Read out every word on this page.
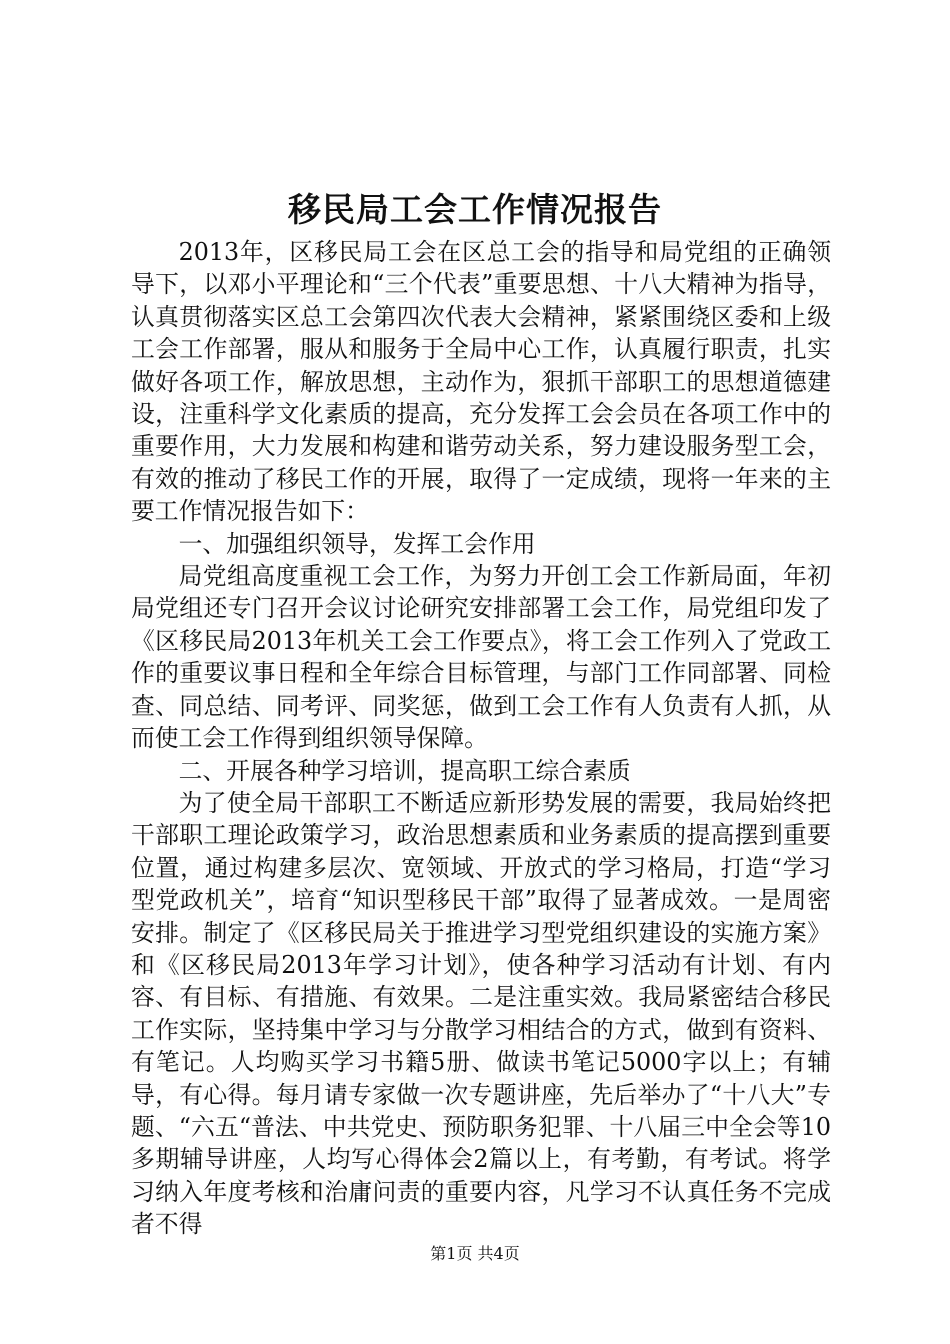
移民局工会工作情况报告

2013年，区移民局工会在区总工会的指导和局党组的正确领导下，以邓小平理论和“三个代表”重要思想、十八大精神为指导，认真贯彻落实区总工会第四次代表大会精神，紧紧围绕区委和上级工会工作部署，服从和服务于全局中心工作，认真履行职责，扎实做好各项工作，解放思想，主动作为，狠抓干部职工的思想道德建设，注重科学文化素质的提高，充分发挥工会会员在各项工作中的重要作用，大力发展和构建和谐劳动关系，努力建设服务型工会，有效的推动了移民工作的开展，取得了一定成绩，现将一年来的主要工作情况报告如下：

一、加强组织领导，发挥工会作用

局党组高度重视工会工作，为努力开创工会工作新局面，年初局党组还专门召开会议讨论研究安排部署工会工作，局党组印发了《区移民局2013年机关工会工作要点》，将工会工作列入了党政工作的重要议事日程和全年综合目标管理，与部门工作同部署、同检查、同总结、同考评、同奖惩，做到工会工作有人负责有人抓，从而使工会工作得到组织领导保障。

二、开展各种学习培训，提高职工综合素质

为了使全局干部职工不断适应新形势发展的需要，我局始终把干部职工理论政策学习，政治思想素质和业务素质的提高摆到重要位置，通过构建多层次、宽领域、开放式的学习格局，打造“学习型党政机关”，培育“知识型移民干部”取得了显著成效。一是周密安排。制定了《区移民局关于推进学习型党组织建设的实施方案》和《区移民局2013年学习计划》，使各种学习活动有计划、有内容、有目标、有措施、有效果。二是注重实效。我局紧密结合移民工作实际，坚持集中学习与分散学习相结合的方式，做到有资料、有笔记。人均购买学习书籍5册、做读书笔记5000字以上；有辅导，有心得。每月请专家做一次专题讲座，先后举办了“十八大”专题、“六五“普法、中共党史、预防职务犯罪、十八届三中全会等10多期辅导讲座，人均写心得体会2篇以上，有考勤，有考试。将学习纳入年度考核和治庸问责的重要内容，凡学习不认真任务不完成者不得

第1页 共4页
